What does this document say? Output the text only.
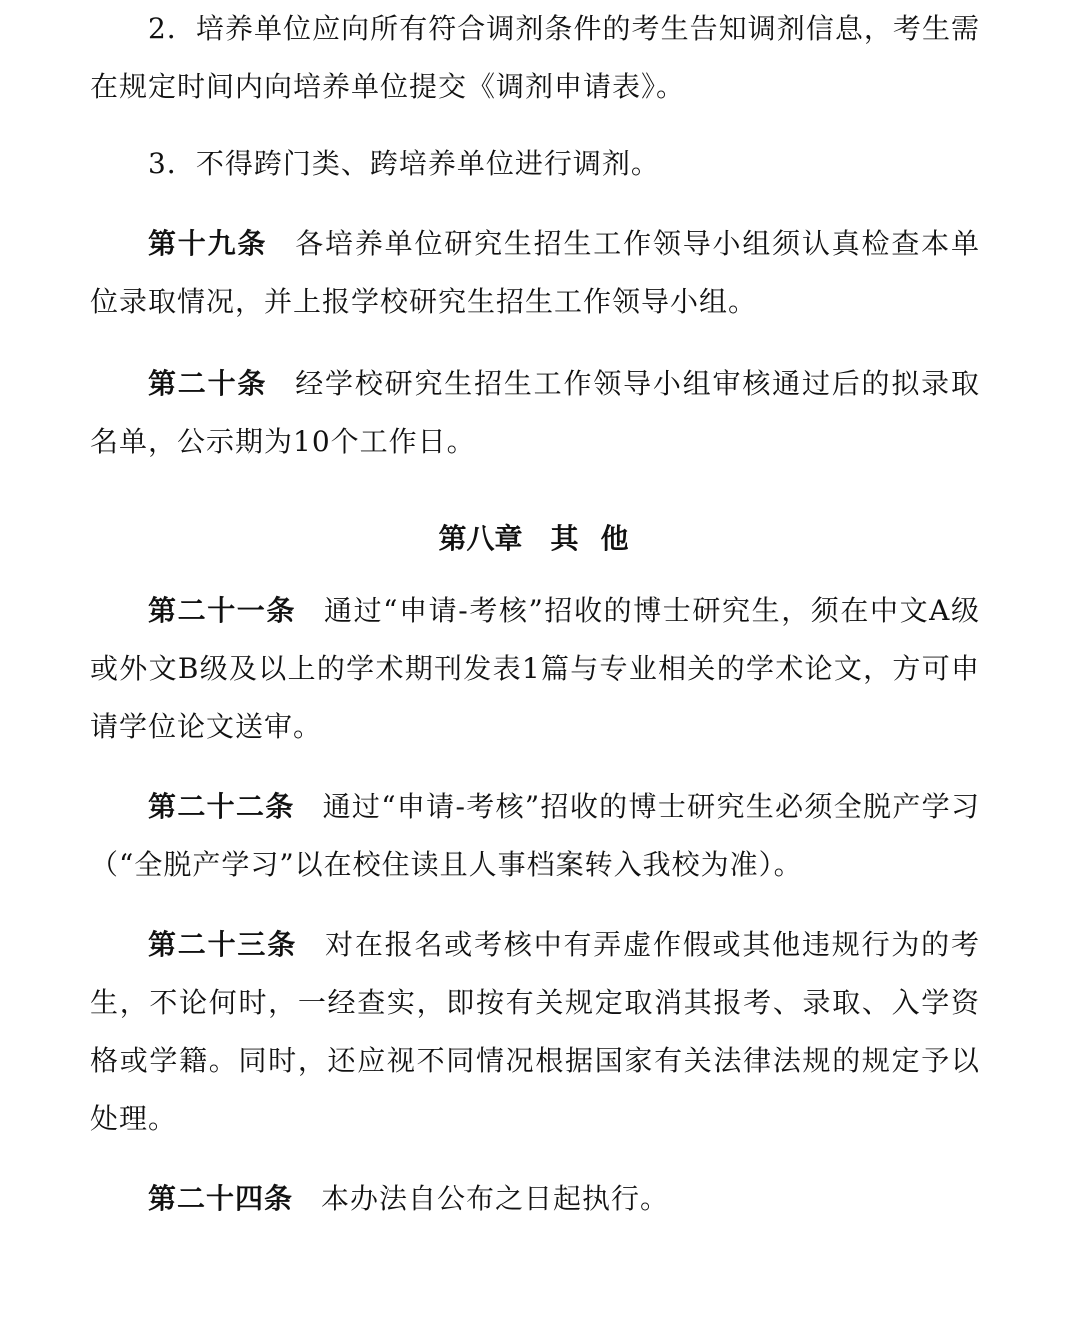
2．培养单位应向所有符合调剂条件的考生告知调剂信息，考生需在规定时间内向培养单位提交《调剂申请表》。

3．不得跨门类、跨培养单位进行调剂。

第十九条 各培养单位研究生招生工作领导小组须认真检查本单位录取情况，并上报学校研究生招生工作领导小组。

第二十条 经学校研究生招生工作领导小组审核通过后的拟录取名单，公示期为10个工作日。

第八章 其 他

第二十一条 通过“申请-考核”招收的博士研究生，须在中文A级或外文B级及以上的学术期刊发表1篇与专业相关的学术论文，方可申请学位论文送审。

第二十二条 通过“申请-考核”招收的博士研究生必须全脱产学习（“全脱产学习”以在校住读且人事档案转入我校为准）。

第二十三条 对在报名或考核中有弄虚作假或其他违规行为的考生，不论何时，一经查实，即按有关规定取消其报考、录取、入学资格或学籍。同时，还应视不同情况根据国家有关法律法规的规定予以处理。

第二十四条 本办法自公布之日起执行。
